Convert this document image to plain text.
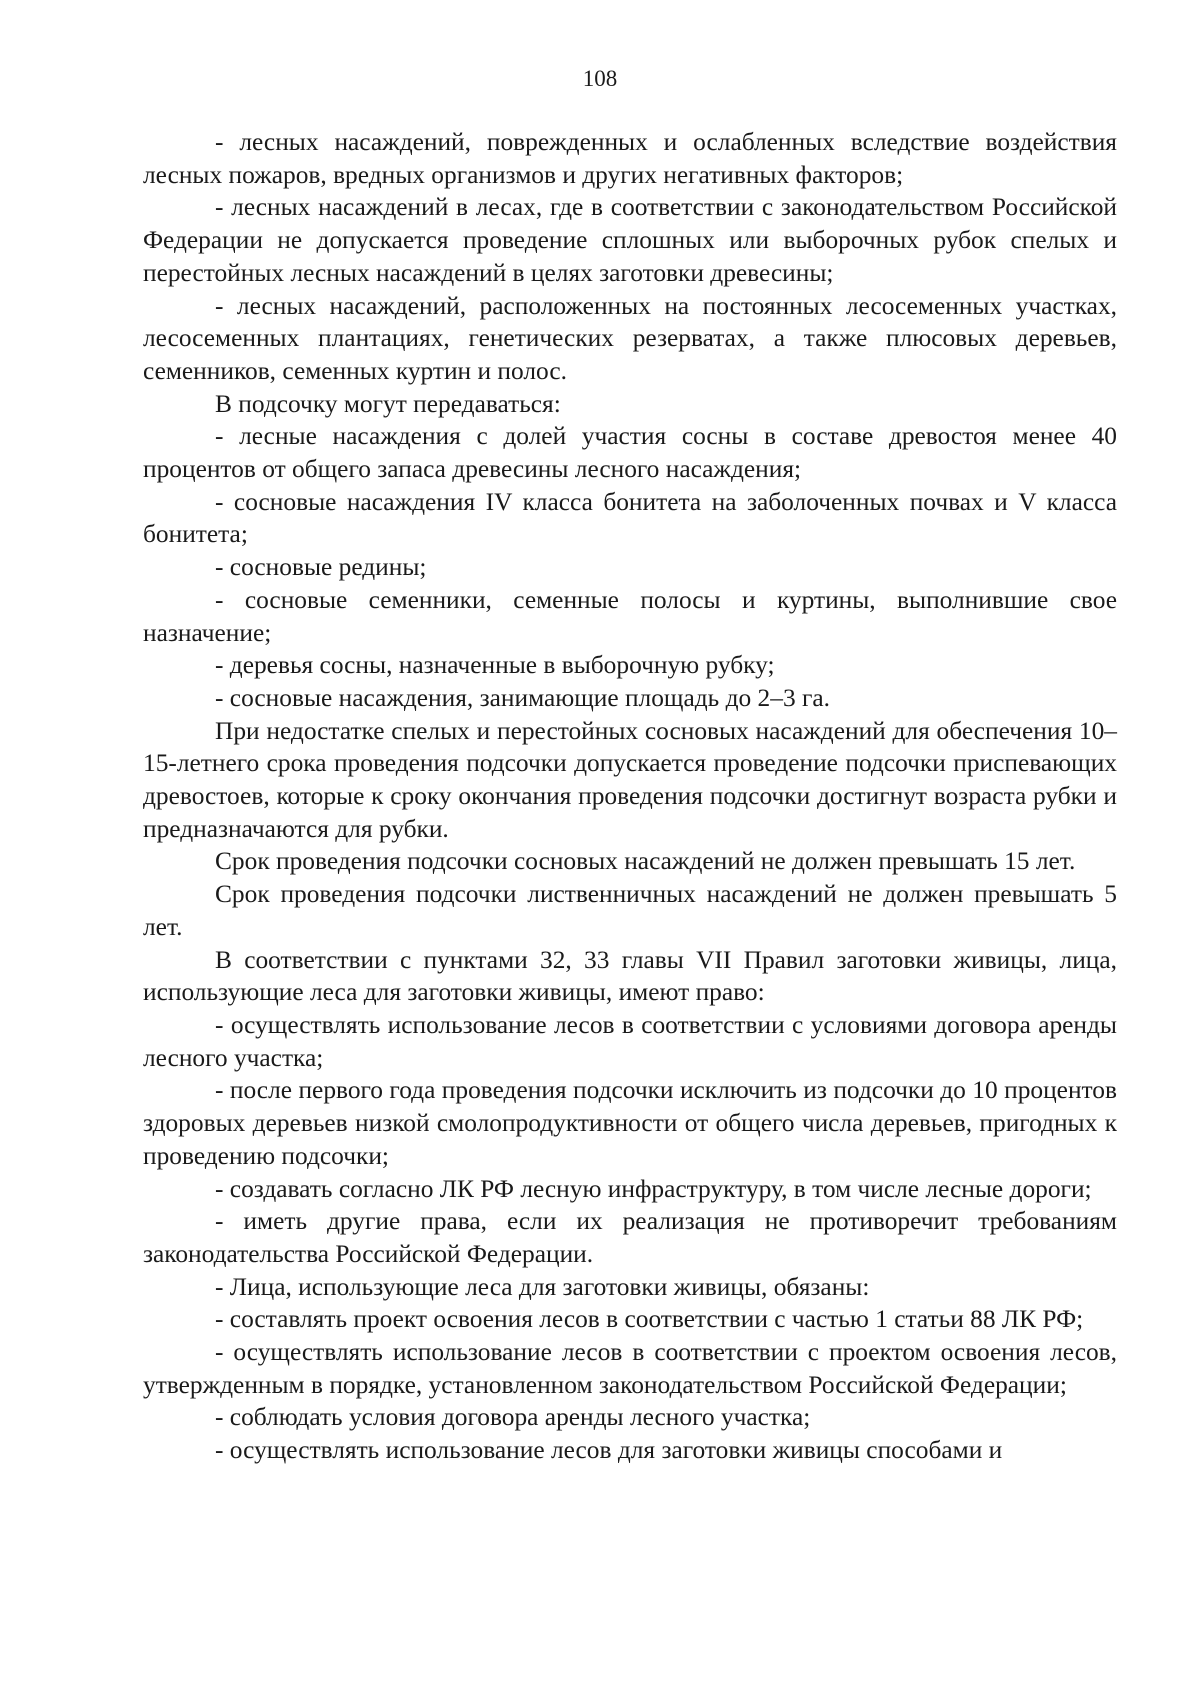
108

- лесных насаждений, поврежденных и ослабленных вследствие воздействия лесных пожаров, вредных организмов и других негативных факторов;

- лесных насаждений в лесах, где в соответствии с законодательством Российской Федерации не допускается проведение сплошных или выборочных рубок спелых и перестойных лесных насаждений в целях заготовки древесины;

- лесных насаждений, расположенных на постоянных лесосеменных участках, лесосеменных плантациях, генетических резерватах, а также плюсовых деревьев, семенников, семенных куртин и полос.

В подсочку могут передаваться:

- лесные насаждения с долей участия сосны в составе древостоя менее 40 процентов от общего запаса древесины лесного насаждения;

- сосновые насаждения IV класса бонитета на заболоченных почвах и V класса бонитета;

- сосновые редины;

- сосновые семенники, семенные полосы и куртины, выполнившие свое назначение;

- деревья сосны, назначенные в выборочную рубку;

- сосновые насаждения, занимающие площадь до 2–3 га.

При недостатке спелых и перестойных сосновых насаждений для обеспечения 10–15-летнего срока проведения подсочки допускается проведение подсочки приспевающих древостоев, которые к сроку окончания проведения подсочки достигнут возраста рубки и предназначаются для рубки.

Срок проведения подсочки сосновых насаждений не должен превышать 15 лет.

Срок проведения подсочки лиственничных насаждений не должен превышать 5 лет.

В соответствии с пунктами 32, 33 главы VII Правил заготовки живицы, лица, использующие леса для заготовки живицы, имеют право:

- осуществлять использование лесов в соответствии с условиями договора аренды лесного участка;

- после первого года проведения подсочки исключить из подсочки до 10 процентов здоровых деревьев низкой смолопродуктивности от общего числа деревьев, пригодных к проведению подсочки;

- создавать согласно ЛК РФ лесную инфраструктуру, в том числе лесные дороги;

- иметь другие права, если их реализация не противоречит требованиям законодательства Российской Федерации.

- Лица, использующие леса для заготовки живицы, обязаны:

- составлять проект освоения лесов в соответствии с частью 1 статьи 88 ЛК РФ;

- осуществлять использование лесов в соответствии с проектом освоения лесов, утвержденным в порядке, установленном законодательством Российской Федерации;

- соблюдать условия договора аренды лесного участка;

- осуществлять использование лесов для заготовки живицы способами и
